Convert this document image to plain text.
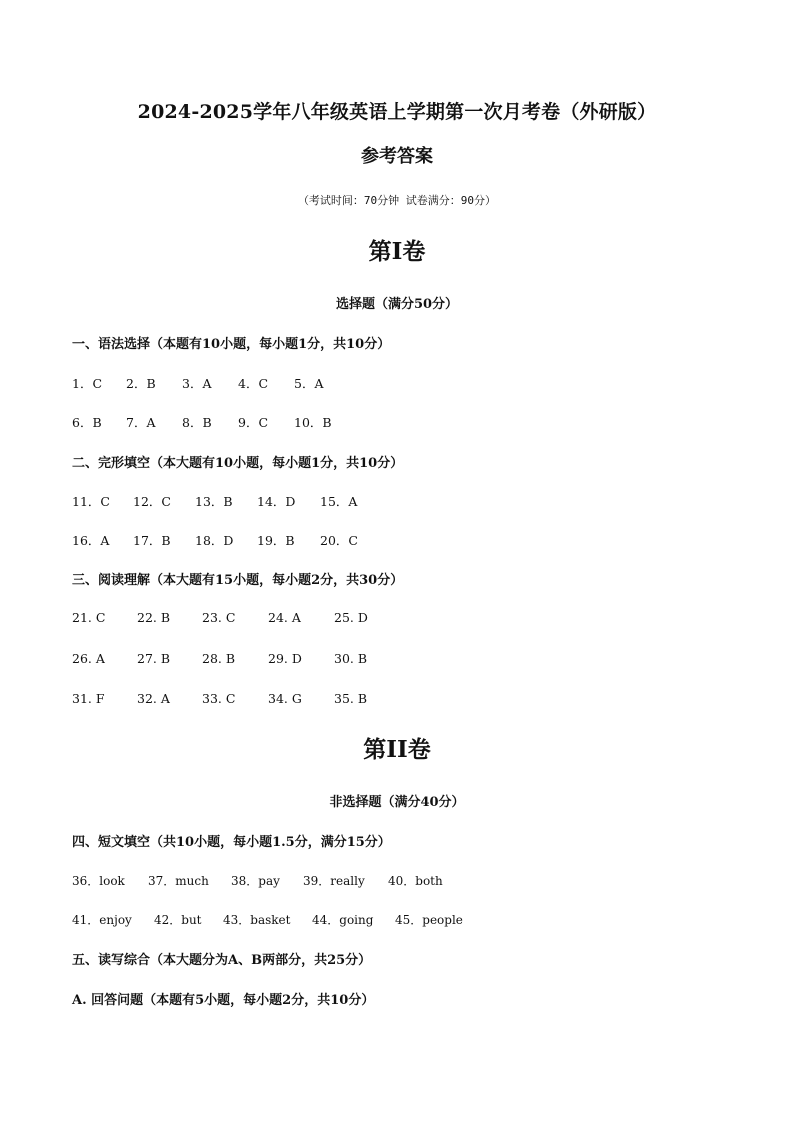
2024-2025学年八年级英语上学期第一次月考卷（外研版）
参考答案
（考试时间：70分钟 试卷满分：90分）
第I卷
选择题（满分50分）
一、语法选择（本题有10小题，每小题1分，共10分）
1．C 2．B 3．A 4．C 5．A
6．B 7．A 8．B 9．C 10．B
二、完形填空（本大题有10小题，每小题1分，共10分）
11．C 12．C 13．B 14．D 15．A
16．A 17．B 18．D 19．B 20．C
三、阅读理解（本大题有15小题，每小题2分，共30分）
21. C	22. B	23. C	24. A	25. D
26. A	27. B	28. B	29. D	30. B
31. F	32. A	33. C	34. G	35. B
第II卷
非选择题（满分40分）
四、短文填空（共10小题，每小题1.5分，满分15分）
36．look 37．much 38．pay 39．really 40．both
41．enjoy 42．but 43．basket 44．going 45．people
五、读写综合（本大题分为A、B两部分，共25分）
A. 回答问题（本题有5小题，每小题2分，共10分）
